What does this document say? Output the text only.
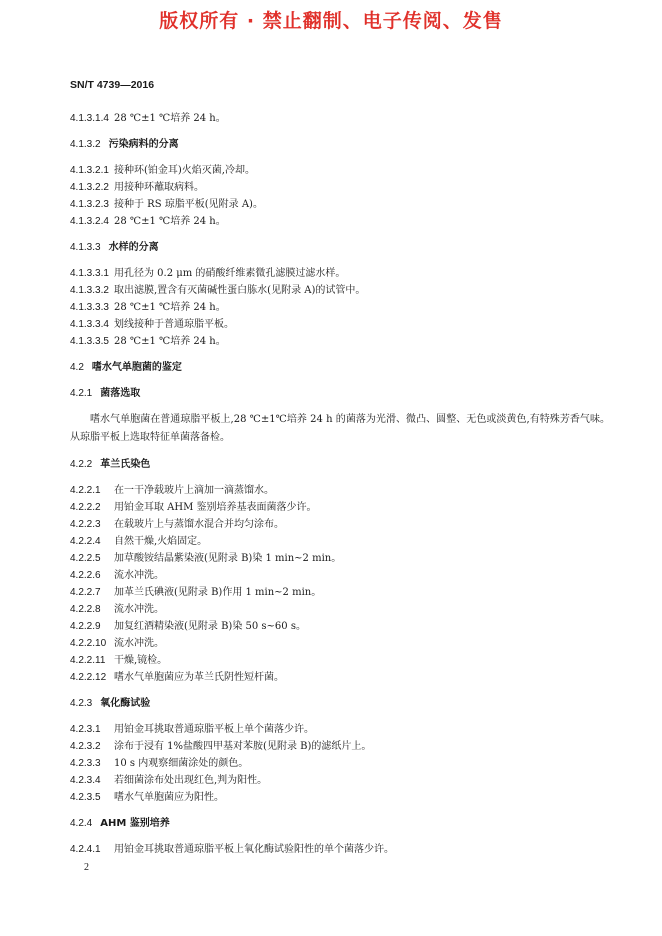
版权所有 · 禁止翻制、电子传阅、发售
SN/T 4739—2016
4.1.3.1.4 28 ℃±1 ℃培养 24 h。
4.1.3.2 污染病料的分离
4.1.3.2.1 接种环(铂金耳)火焰灭菌,冷却。
4.1.3.2.2 用接种环蘸取病料。
4.1.3.2.3 接种于 RS 琼脂平板(见附录 A)。
4.1.3.2.4 28 ℃±1 ℃培养 24 h。
4.1.3.3 水样的分离
4.1.3.3.1 用孔径为 0.2 μm 的硝酸纤维素微孔滤膜过滤水样。
4.1.3.3.2 取出滤膜,置含有灭菌碱性蛋白胨水(见附录 A)的试管中。
4.1.3.3.3 28 ℃±1 ℃培养 24 h。
4.1.3.3.4 划线接种于普通琼脂平板。
4.1.3.3.5 28 ℃±1 ℃培养 24 h。
4.2 嗜水气单胞菌的鉴定
4.2.1 菌落选取
嗜水气单胞菌在普通琼脂平板上,28 ℃±1℃培养 24 h 的菌落为光滑、微凸、圆整、无色或淡黄色,有特殊芳香气味。从琼脂平板上选取特征单菌落备检。
4.2.2 革兰氏染色
4.2.2.1 在一干净载玻片上滴加一滴蒸馏水。
4.2.2.2 用铂金耳取 AHM 鉴别培养基表面菌落少许。
4.2.2.3 在载玻片上与蒸馏水混合并均匀涂布。
4.2.2.4 自然干燥,火焰固定。
4.2.2.5 加草酸铵结晶紫染液(见附录 B)染 1 min~2 min。
4.2.2.6 流水冲洗。
4.2.2.7 加革兰氏碘液(见附录 B)作用 1 min~2 min。
4.2.2.8 流水冲洗。
4.2.2.9 加复红酒精染液(见附录 B)染 50 s~60 s。
4.2.2.10 流水冲洗。
4.2.2.11 干燥,镜检。
4.2.2.12 嗜水气单胞菌应为革兰氏阴性短杆菌。
4.2.3 氧化酶试验
4.2.3.1 用铂金耳挑取普通琼脂平板上单个菌落少许。
4.2.3.2 涂布于浸有 1%盐酸四甲基对苯胺(见附录 B)的滤纸片上。
4.2.3.3 10 s 内观察细菌涂处的颜色。
4.2.3.4 若细菌涂布处出现红色,判为阳性。
4.2.3.5 嗜水气单胞菌应为阳性。
4.2.4 AHM 鉴别培养
4.2.4.1 用铂金耳挑取普通琼脂平板上氧化酶试验阳性的单个菌落少许。
2
